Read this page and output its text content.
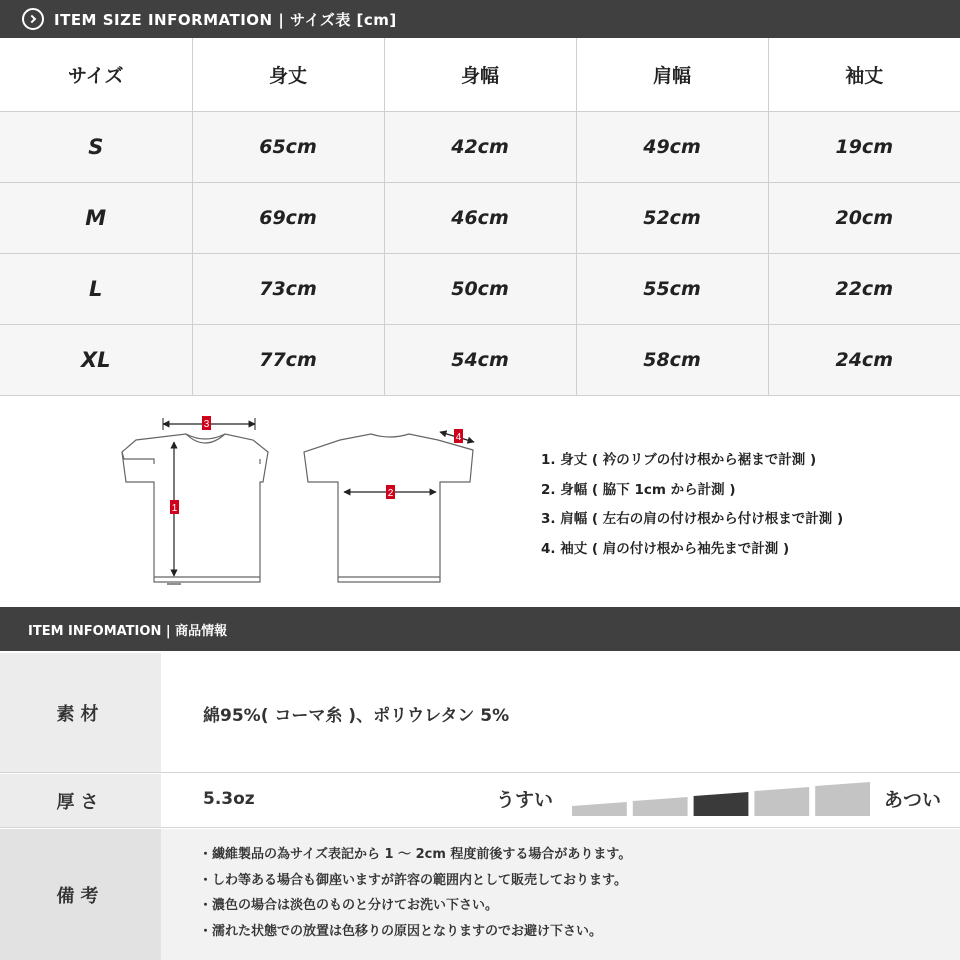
ITEM SIZE INFORMATION | サイズ表 [cm]
サイズ	身丈	身幅	肩幅	袖丈
S	65cm	42cm	49cm	19cm
M	69cm	46cm	52cm	20cm
L	73cm	50cm	55cm	22cm
XL	77cm	54cm	58cm	24cm
3
1
2
4
1. 身丈 ( 衿のリブの付け根から裾まで計測 )
2. 身幅 ( 脇下 1cm から計測 )
3. 肩幅 ( 左右の肩の付け根から付け根まで計測 )
4. 袖丈 ( 肩の付け根から袖先まで計測 )
ITEM INFOMATION | 商品情報
素材	綿95%( コーマ糸 )、ポリウレタン 5%
厚さ	5.3oz	うすい	あつい
備考
・繊維製品の為サイズ表記から 1 ～ 2cm 程度前後する場合があります。
・しわ等ある場合も御座いますが許容の範囲内として販売しております。
・濃色の場合は淡色のものと分けてお洗い下さい。
・濡れた状態での放置は色移りの原因となりますのでお避け下さい。
